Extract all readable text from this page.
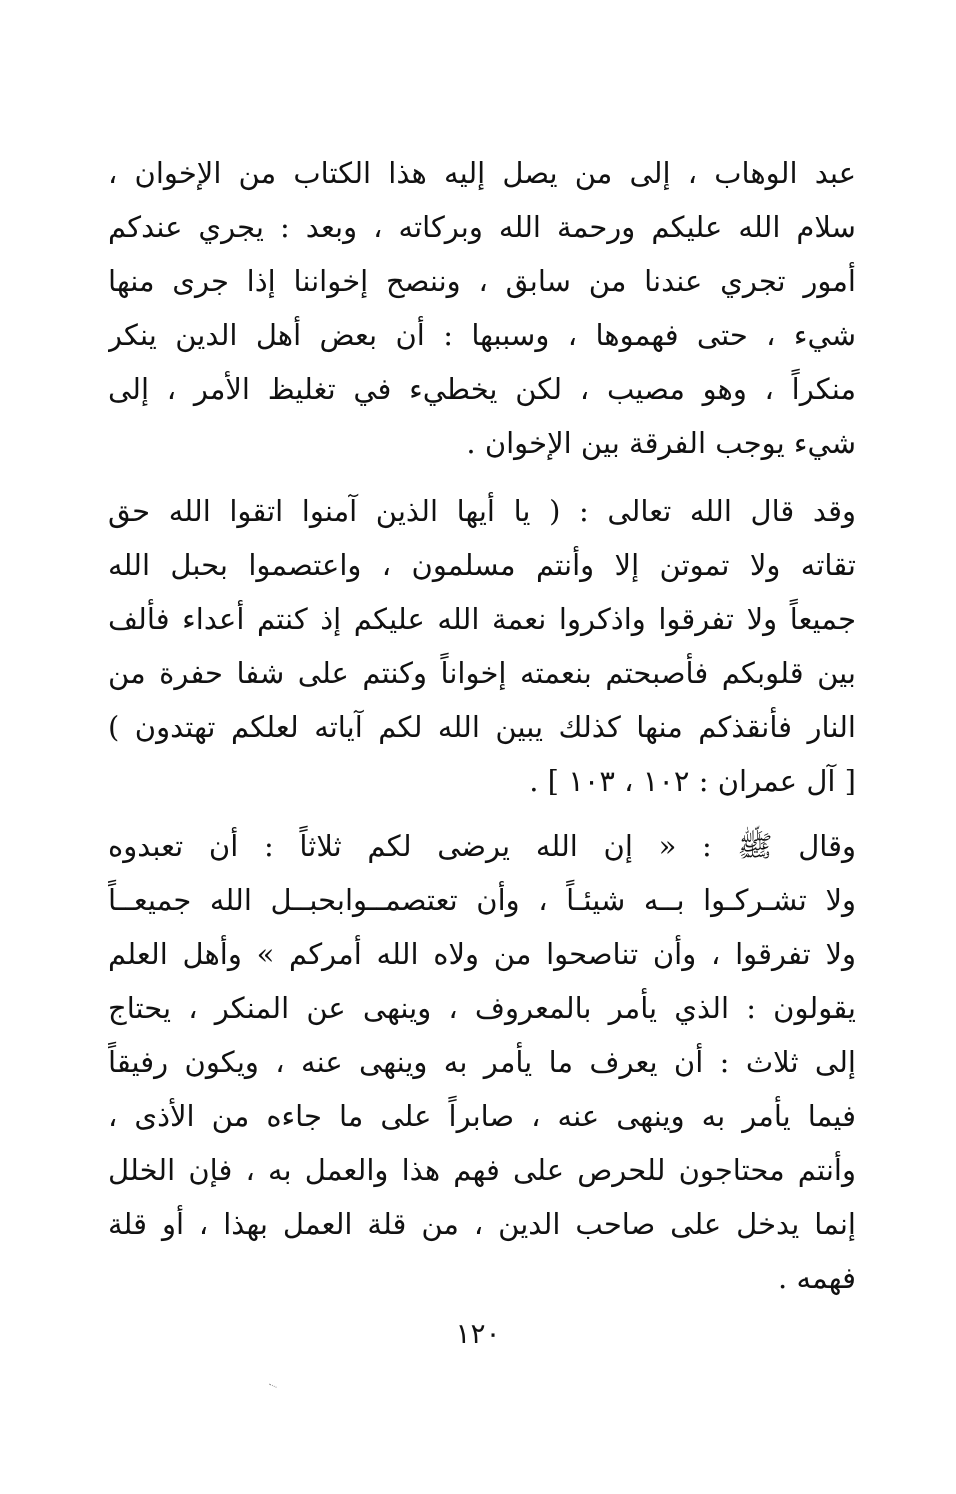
عبد الوهاب ، إلى من يصل إليه هذا الكتاب من الإخوان ،
سلام الله عليكم ورحمة الله وبركاته ، وبعد : يجري عندكم
أمور تجري عندنا من سابق ، وننصح إخواننا إذا جرى منها
شيء ، حتى فهموها ، وسببها : أن بعض أهل الدين ينكر
منكراً ، وهو مصيب ، لكن يخطيء في تغليظ الأمر ، إلى
شيء يوجب الفرقة بين الإخوان .
وقد قال الله تعالى : ( يا أيها الذين آمنوا اتقوا الله حق
تقاته ولا تموتن إلا وأنتم مسلمون ، واعتصموا بحبل الله
جميعاً ولا تفرقوا واذكروا نعمة الله عليكم إذ كنتم أعداء فألف
بين قلوبكم فأصبحتم بنعمته إخواناً وكنتم على شفا حفرة من
النار فأنقذكم منها كذلك يبين الله لكم آياته لعلكم تهتدون )
[ آل عمران : ١٠٢ ، ١٠٣ ] .
وقال ﷺ : « إن الله يرضى لكم ثلاثاً : أن تعبدوه
ولا تشـركـوا بــه شيئـاً ، وأن تعتصمــوابحبــل الله جميعــاً
ولا تفرقوا ، وأن تناصحوا من ولاه الله أمركم » وأهل العلم
يقولون : الذي يأمر بالمعروف ، وينهى عن المنكر ، يحتاج
إلى ثلاث : أن يعرف ما يأمر به وينهى عنه ، ويكون رفيقاً
فيما يأمر به وينهى عنه ، صابراً على ما جاءه من الأذى ،
وأنتم محتاجون للحرص على فهم هذا والعمل به ، فإن الخلل
إنما يدخل على صاحب الدين ، من قلة العمل بهذا ، أو قلة
فهمه .
١٢٠
